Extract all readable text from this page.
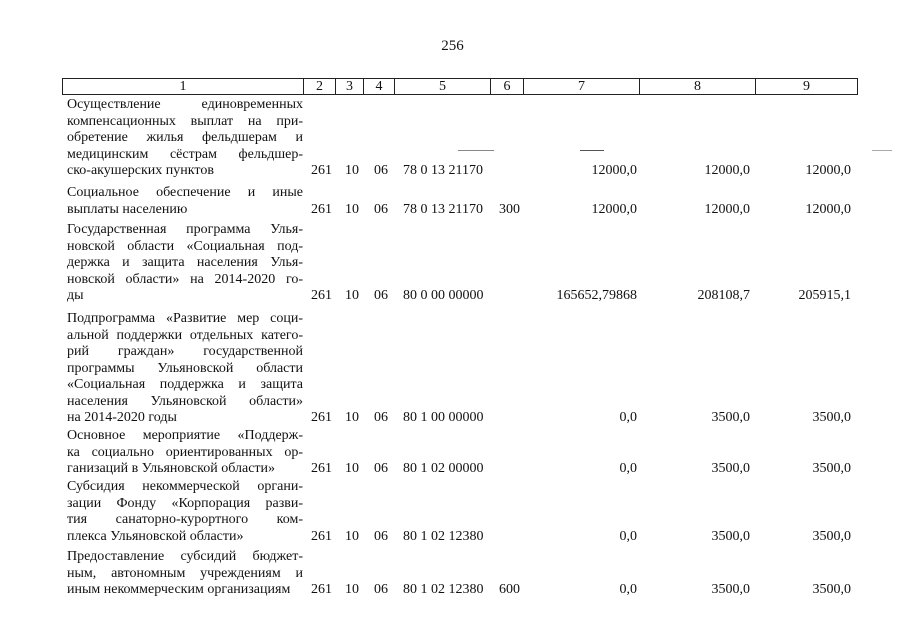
256
1	2	3	4	5	6	7	8	9
Осуществление единовременных
компенсационных выплат на при-
обретение жилья фельдшерам и
медицинским сёстрам фельдшер-
ско-акушерских пунктов	261 10 06 78 0 13 21170	12000,0	12000,0	12000,0
Социальное обеспечение и иные
выплаты населению	261 10 06 78 0 13 21170 300	12000,0	12000,0	12000,0
Государственная программа Улья-
новской области «Социальная под-
держка и защита населения Улья-
новской области» на 2014-2020 го-
ды	261 10 06 80 0 00 00000	165652,79868	208108,7	205915,1
Подпрограмма «Развитие мер соци-
альной поддержки отдельных катего-
рий граждан» государственной
программы Ульяновской области
«Социальная поддержка и защита
населения Ульяновской области»
на 2014-2020 годы	261 10 06 80 1 00 00000	0,0	3500,0	3500,0
Основное мероприятие «Поддерж-
ка социально ориентированных ор-
ганизаций в Ульяновской области»	261 10 06 80 1 02 00000	0,0	3500,0	3500,0
Субсидия некоммерческой органи-
зации Фонду «Корпорация разви-
тия санаторно-курортного ком-
плекса Ульяновской области»	261 10 06 80 1 02 12380	0,0	3500,0	3500,0
Предоставление субсидий бюджет-
ным, автономным учреждениям и
иным некоммерческим организациям	261 10 06 80 1 02 12380 600	0,0	3500,0	3500,0
